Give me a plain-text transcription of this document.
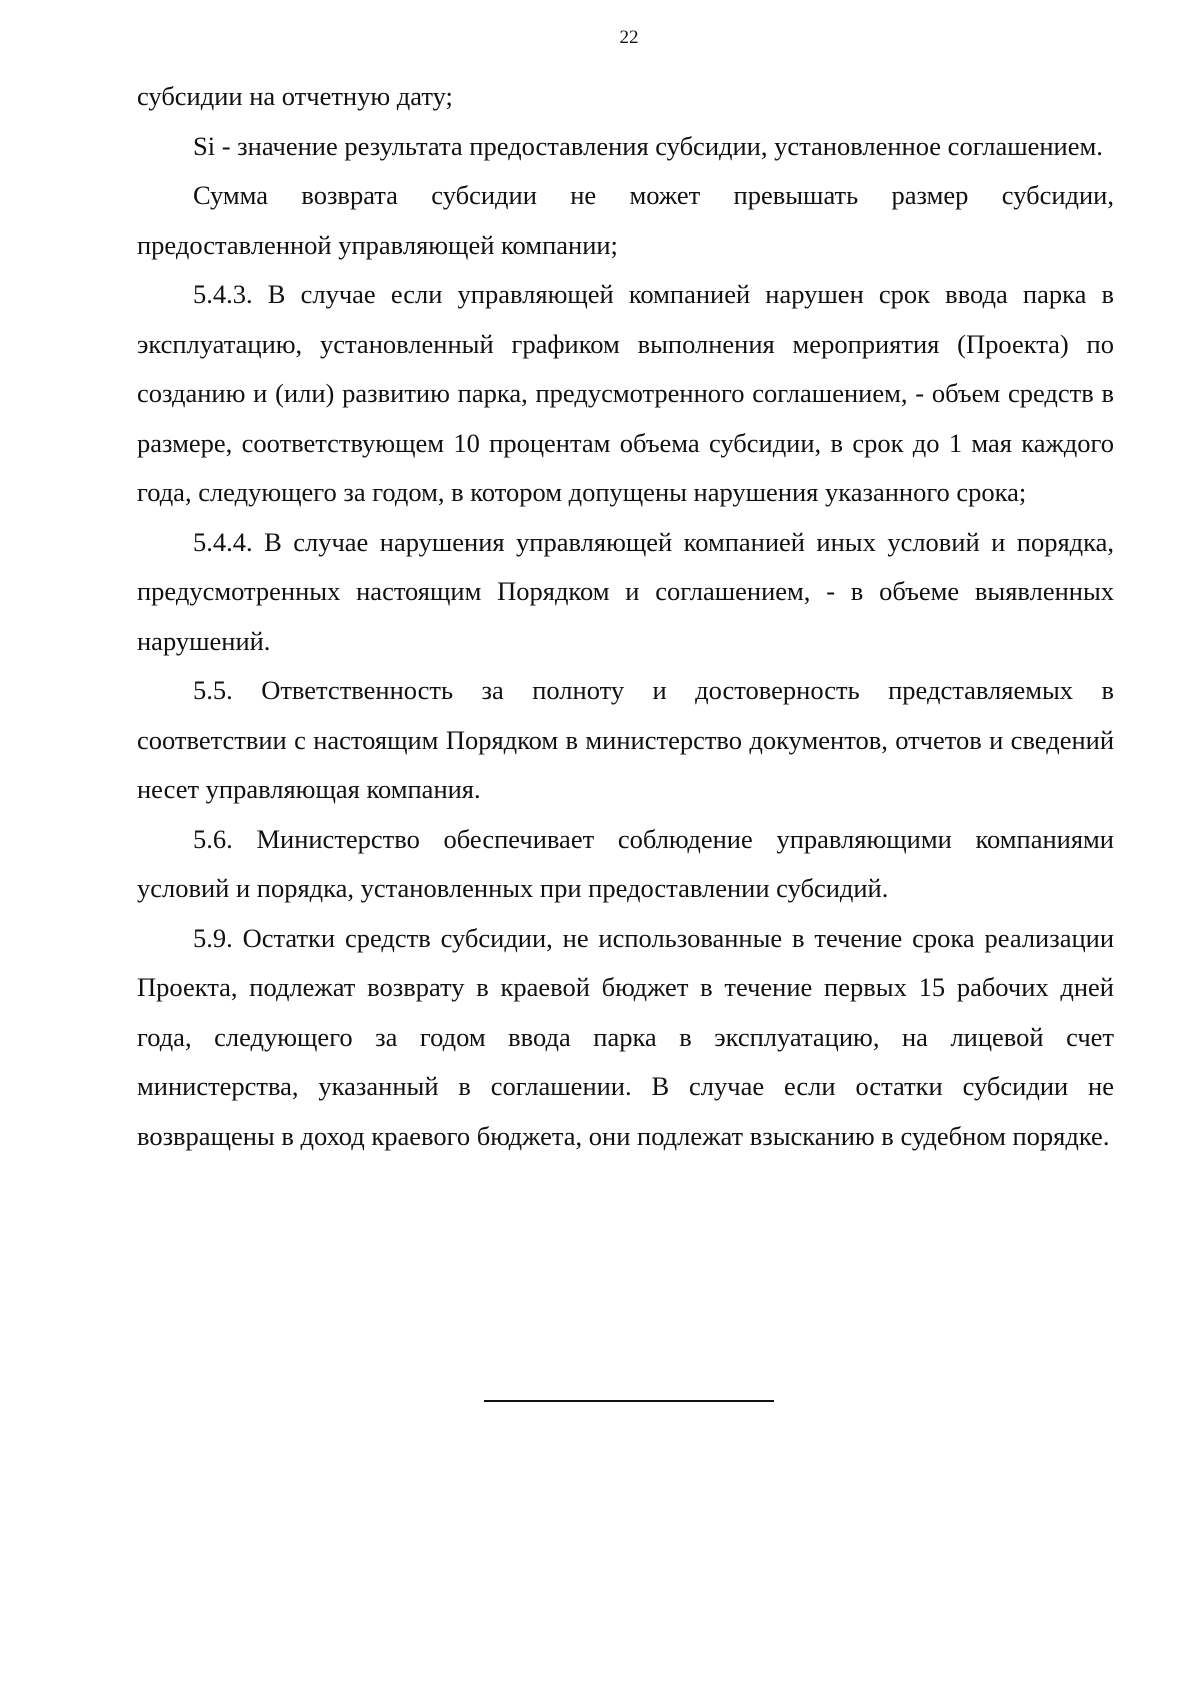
22

субсидии на отчетную дату;

Si - значение результата предоставления субсидии, установленное соглашением.

Сумма возврата субсидии не может превышать размер субсидии, предоставленной управляющей компании;

5.4.3. В случае если управляющей компанией нарушен срок ввода парка в эксплуатацию, установленный графиком выполнения мероприятия (Проекта) по созданию и (или) развитию парка, предусмотренного соглашением, - объем средств в размере, соответствующем 10 процентам объема субсидии, в срок до 1 мая каждого года, следующего за годом, в котором допущены нарушения указанного срока;

5.4.4. В случае нарушения управляющей компанией иных условий и порядка, предусмотренных настоящим Порядком и соглашением, - в объеме выявленных нарушений.

5.5. Ответственность за полноту и достоверность представляемых в соответствии с настоящим Порядком в министерство документов, отчетов и сведений несет управляющая компания.

5.6. Министерство обеспечивает соблюдение управляющими компаниями условий и порядка, установленных при предоставлении субсидий.

5.9. Остатки средств субсидии, не использованные в течение срока реализации Проекта, подлежат возврату в краевой бюджет в течение первых 15 рабочих дней года, следующего за годом ввода парка в эксплуатацию, на лицевой счет министерства, указанный в соглашении. В случае если остатки субсидии не возвращены в доход краевого бюджета, они подлежат взысканию в судебном порядке.
